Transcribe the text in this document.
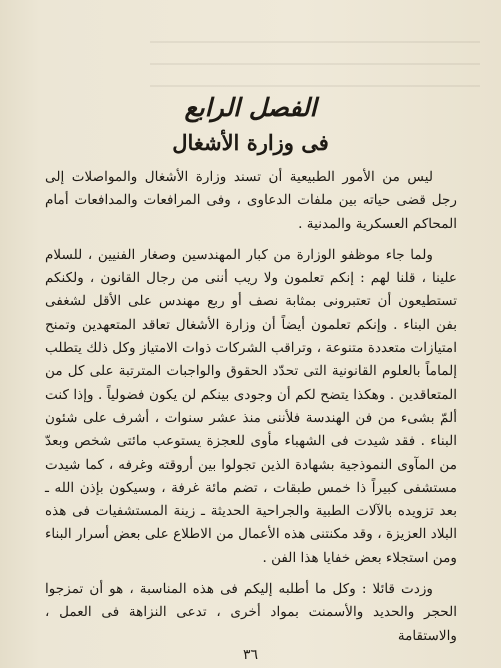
الفصل الرابع
فى وزارة الأشغال

ليس من الأمور الطبيعية أن تسند وزارة الأشغال والمواصلات إلى رجل قضى حياته بين ملفات الدعاوى ، وفى المرافعات والمدافعات أمام المحاكم العسكرية والمدنية .

ولما جاء موظفو الوزارة من كبار المهندسين وصغار الفنيين ، للسلام علينا ، قلنا لهم : إنكم تعلمون ولا ريب أننى من رجال القانون ، ولكنكم تستطيعون أن تعتبرونى بمثابة نصف أو ربع مهندس على الأقل لشغفى بفن البناء . وإنكم تعلمون أيضاً أن وزارة الأشغال تعاقد المتعهدين وتمنح امتيازات متعددة متنوعة ، وتراقب الشركات ذوات الامتياز وكل ذلك يتطلب إلماماً بالعلوم القانونية التى تحدّد الحقوق والواجبات المترتبة على كل من المتعاقدين . وهكذا يتضح لكم أن وجودى بينكم لن يكون فضولياً . وإذا كنت ألمّ بشىء من فن الهندسة فلأننى منذ عشر سنوات ، أشرف على شئون البناء . فقد شيدت فى الشهباء مأوى للعجزة يستوعب مائتى شخص وبعدّ من المآوى النموذجية بشهادة الذين تجولوا بين أروقته وغرفه ، كما شيدت مستشفى كبيراً ذا خمس طبقات ، تضم مائة غرفة ، وسيكون بإذن الله ـ بعد تزويده بالآلات الطبية والجراحية الحديثة ـ زينة المستشفيات فى هذه البلاد العزيزة ، وقد مكنتنى هذه الأعمال من الاطلاع على بعض أسرار البناء ومن استجلاء بعض خفايا هذا الفن .

وزدت قائلا : وكل ما أطلبه إليكم فى هذه المناسبة ، هو أن تمزجوا الحجر والحديد والأسمنت بمواد أخرى ، تدعى النزاهة فى العمل ، والاستقامة

٣٦
